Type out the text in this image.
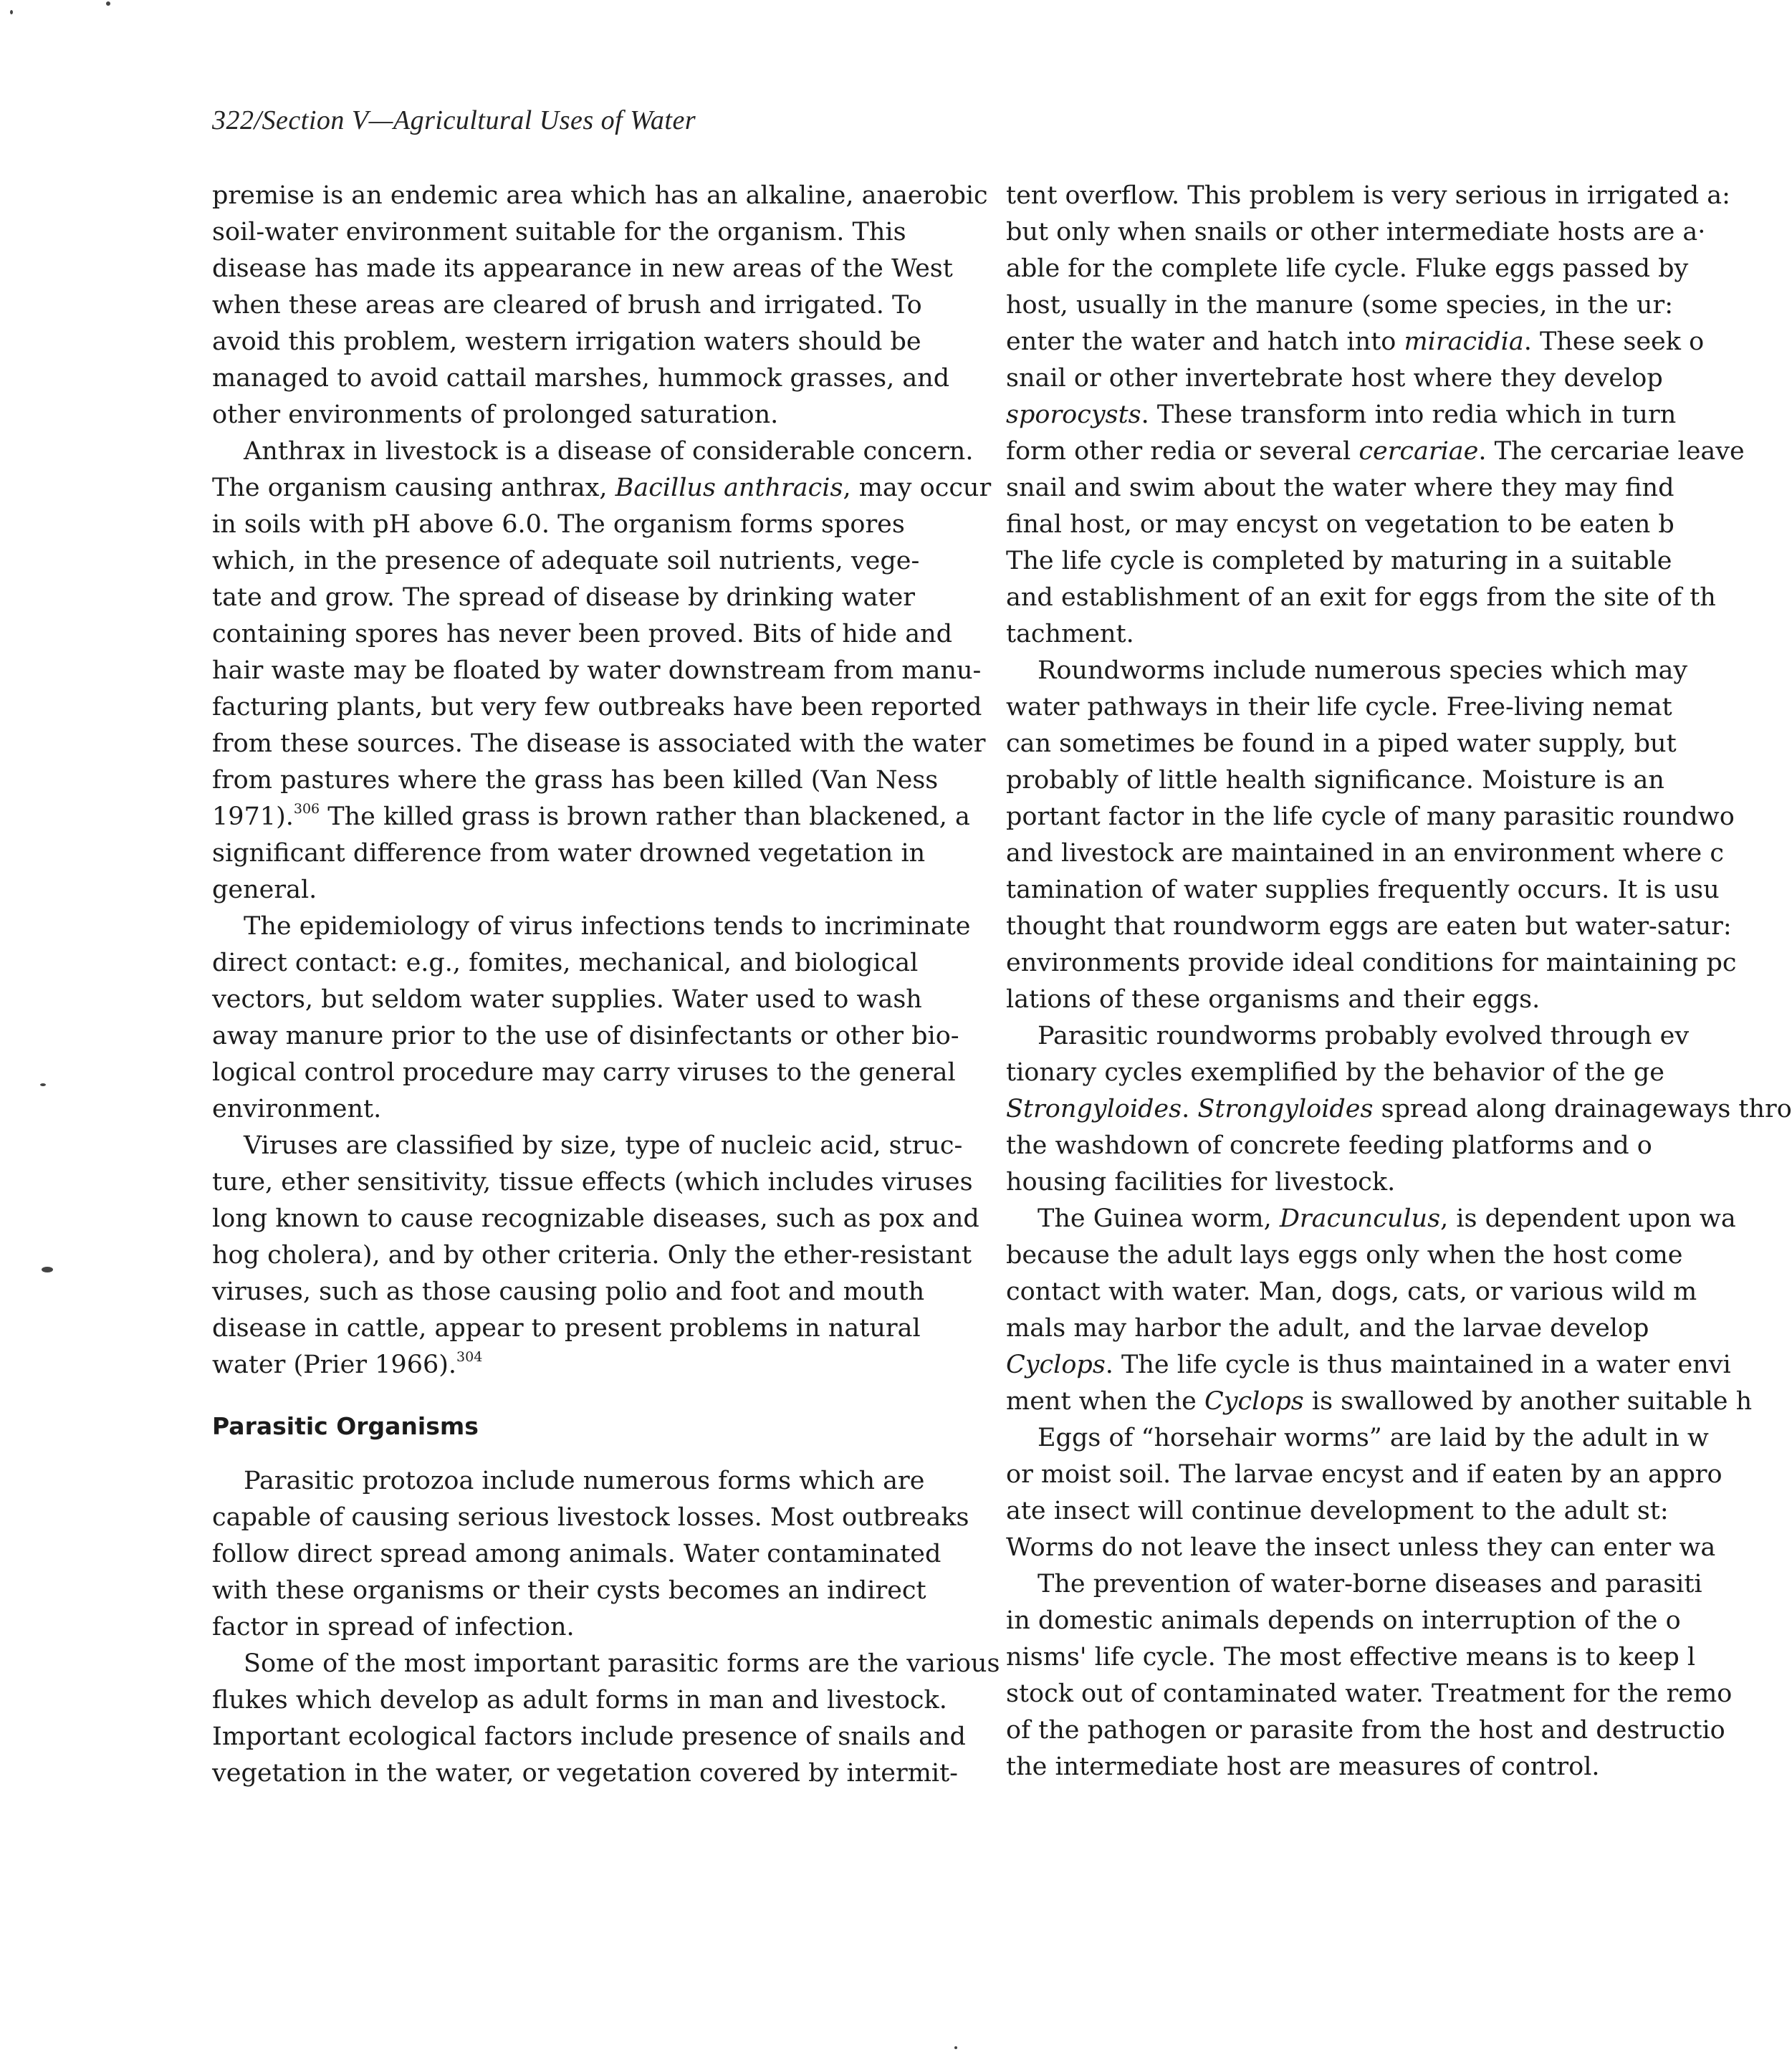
322/Section V—Agricultural Uses of Water

premise is an endemic area which has an alkaline, anaerobic

soil-water environment suitable for the organism. This

disease has made its appearance in new areas of the West

when these areas are cleared of brush and irrigated. To

avoid this problem, western irrigation waters should be

managed to avoid cattail marshes, hummock grasses, and

other environments of prolonged saturation.

Anthrax in livestock is a disease of considerable concern.

The organism causing anthrax, Bacillus anthracis, may occur

in soils with pH above 6.0. The organism forms spores

which, in the presence of adequate soil nutrients, vege-

tate and grow. The spread of disease by drinking water

containing spores has never been proved. Bits of hide and

hair waste may be floated by water downstream from manu-

facturing plants, but very few outbreaks have been reported

from these sources. The disease is associated with the water

from pastures where the grass has been killed (Van Ness

1971).$^{306}$ The killed grass is brown rather than blackened, a

significant difference from water drowned vegetation in

general.

The epidemiology of virus infections tends to incriminate

direct contact: e.g., fomites, mechanical, and biological

vectors, but seldom water supplies. Water used to wash

away manure prior to the use of disinfectants or other bio-

logical control procedure may carry viruses to the general

environment.

Viruses are classified by size, type of nucleic acid, struc-

ture, ether sensitivity, tissue effects (which includes viruses

long known to cause recognizable diseases, such as pox and

hog cholera), and by other criteria. Only the ether-resistant

viruses, such as those causing polio and foot and mouth

disease in cattle, appear to present problems in natural

water (Prier 1966).$^{304}$

Parasitic Organisms

Parasitic protozoa include numerous forms which are

capable of causing serious livestock losses. Most outbreaks

follow direct spread among animals. Water contaminated

with these organisms or their cysts becomes an indirect

factor in spread of infection.

Some of the most important parasitic forms are the various

flukes which develop as adult forms in man and livestock.

Important ecological factors include presence of snails and

vegetation in the water, or vegetation covered by intermit-

tent overflow. This problem is very serious in irrigated a:

but only when snails or other intermediate hosts are a·

able for the complete life cycle. Fluke eggs passed by

host, usually in the manure (some species, in the ur:

enter the water and hatch into miracidia. These seek o

snail or other invertebrate host where they develop

sporocysts. These transform into redia which in turn

form other redia or several cercariae. The cercariae leave

snail and swim about the water where they may find

final host, or may encyst on vegetation to be eaten b

The life cycle is completed by maturing in a suitable

and establishment of an exit for eggs from the site of th

tachment.

Roundworms include numerous species which may

water pathways in their life cycle. Free-living nemat

can sometimes be found in a piped water supply, but

probably of little health significance. Moisture is an

portant factor in the life cycle of many parasitic roundwo

and livestock are maintained in an environment where c

tamination of water supplies frequently occurs. It is usu

thought that roundworm eggs are eaten but water-satur:

environments provide ideal conditions for maintaining pc

lations of these organisms and their eggs.

Parasitic roundworms probably evolved through ev

tionary cycles exemplified by the behavior of the ge

Strongyloides. Strongyloides spread along drainageways thro

the washdown of concrete feeding platforms and o

housing facilities for livestock.

The Guinea worm, Dracunculus, is dependent upon wa

because the adult lays eggs only when the host come

contact with water. Man, dogs, cats, or various wild m

mals may harbor the adult, and the larvae develop

Cyclops. The life cycle is thus maintained in a water envi

ment when the Cyclops is swallowed by another suitable h

Eggs of “horsehair worms” are laid by the adult in w

or moist soil. The larvae encyst and if eaten by an appro

ate insect will continue development to the adult st:

Worms do not leave the insect unless they can enter wa

The prevention of water-borne diseases and parasiti

in domestic animals depends on interruption of the o

nisms' life cycle. The most effective means is to keep l

stock out of contaminated water. Treatment for the remo

of the pathogen or parasite from the host and destructio

the intermediate host are measures of control.
